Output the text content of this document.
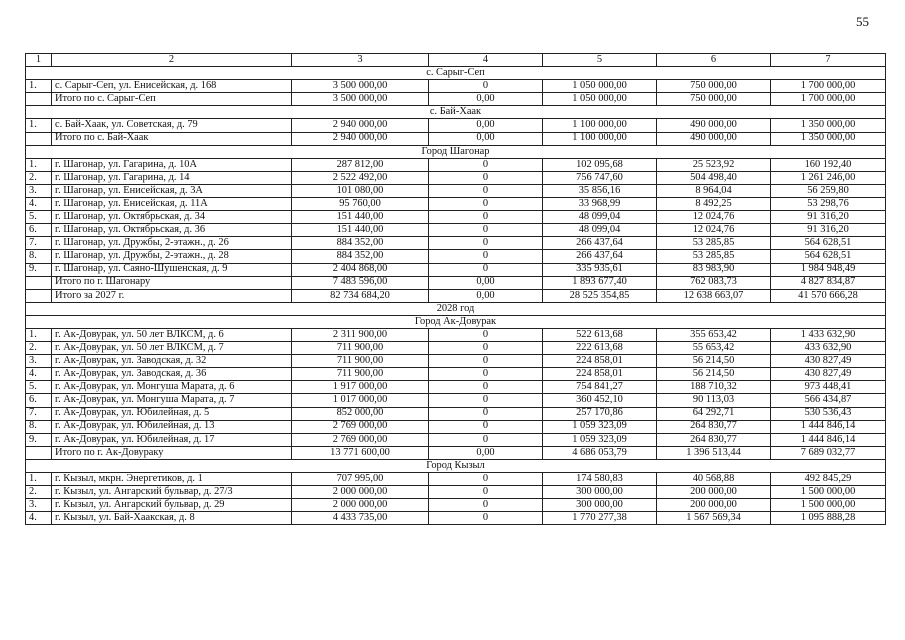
55
1	2	3	4	5	6	7
с. Сарыг-Сеп						
1.	с. Сарыг-Сеп, ул. Енисейская, д. 168	3 500 000,00	0	1 050 000,00	750 000,00	1 700 000,00
	Итого по с. Сарыг-Сеп	3 500 000,00	0,00	1 050 000,00	750 000,00	1 700 000,00
с. Бай-Хаак						
1.	с. Бай-Хаак, ул. Советская, д. 79	2 940 000,00	0,00	1 100 000,00	490 000,00	1 350 000,00
	Итого по с. Бай-Хаак	2 940 000,00	0,00	1 100 000,00	490 000,00	1 350 000,00
Город Шагонар						
1.	г. Шагонар, ул. Гагарина, д. 10А	287 812,00	0	102 095,68	25 523,92	160 192,40
2.	г. Шагонар, ул. Гагарина, д. 14	2 522 492,00	0	756 747,60	504 498,40	1 261 246,00
3.	г. Шагонар, ул. Енисейская, д. 3А	101 080,00	0	35 856,16	8 964,04	56 259,80
4.	г. Шагонар, ул. Енисейская, д. 11А	95 760,00	0	33 968,99	8 492,25	53 298,76
5.	г. Шагонар, ул. Октябрьская, д. 34	151 440,00	0	48 099,04	12 024,76	91 316,20
6.	г. Шагонар, ул. Октябрьская, д. 36	151 440,00	0	48 099,04	12 024,76	91 316,20
7.	г. Шагонар, ул. Дружбы, 2-этажн., д. 26	884 352,00	0	266 437,64	53 285,85	564 628,51
8.	г. Шагонар, ул. Дружбы, 2-этажн., д. 28	884 352,00	0	266 437,64	53 285,85	564 628,51
9.	г. Шагонар, ул. Саяно-Шушенская, д. 9	2 404 868,00	0	335 935,61	83 983,90	1 984 948,49
	Итого по г. Шагонару	7 483 596,00	0,00	1 893 677,40	762 083,73	4 827 834,87
	Итого за 2027 г.	82 734 684,20	0,00	28 525 354,85	12 638 663,07	41 570 666,28
2028 год						
Город Ак-Довурак						
1.	г. Ак-Довурак, ул. 50 лет ВЛКСМ, д. 6	2 311 900,00	0	522 613,68	355 653,42	1 433 632,90
2.	г. Ак-Довурак, ул. 50 лет ВЛКСМ, д. 7	711 900,00	0	222 613,68	55 653,42	433 632,90
3.	г. Ак-Довурак, ул. Заводская, д. 32	711 900,00	0	224 858,01	56 214,50	430 827,49
4.	г. Ак-Довурак, ул. Заводская, д. 36	711 900,00	0	224 858,01	56 214,50	430 827,49
5.	г. Ак-Довурак, ул. Монгуша Марата, д. 6	1 917 000,00	0	754 841,27	188 710,32	973 448,41
6.	г. Ак-Довурак, ул. Монгуша Марата, д. 7	1 017 000,00	0	360 452,10	90 113,03	566 434,87
7.	г. Ак-Довурак, ул. Юбилейная, д. 5	852 000,00	0	257 170,86	64 292,71	530 536,43
8.	г. Ак-Довурак, ул. Юбилейная, д. 13	2 769 000,00	0	1 059 323,09	264 830,77	1 444 846,14
9.	г. Ак-Довурак, ул. Юбилейная, д. 17	2 769 000,00	0	1 059 323,09	264 830,77	1 444 846,14
	Итого по г. Ак-Довураку	13 771 600,00	0,00	4 686 053,79	1 396 513,44	7 689 032,77
Город Кызыл						
1.	г. Кызыл, мкрн. Энергетиков, д. 1	707 995,00	0	174 580,83	40 568,88	492 845,29
2.	г. Кызыл, ул. Ангарский бульвар, д. 27/3	2 000 000,00	0	300 000,00	200 000,00	1 500 000,00
3.	г. Кызыл, ул. Ангарский бульвар, д. 29	2 000 000,00	0	300 000,00	200 000,00	1 500 000,00
4.	г. Кызыл, ул. Бай-Хаакская, д. 8	4 433 735,00	0	1 770 277,38	1 567 569,34	1 095 888,28
